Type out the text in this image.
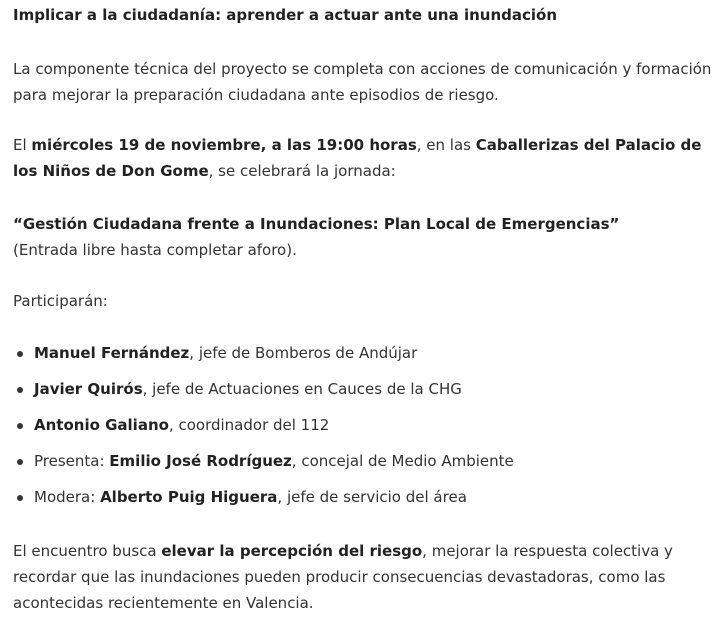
Implicar a la ciudadanía: aprender a actuar ante una inundación
La componente técnica del proyecto se completa con acciones de comunicación y formación
para mejorar la preparación ciudadana ante episodios de riesgo.
El miércoles 19 de noviembre, a las 19:00 horas, en las Caballerizas del Palacio de
los Niños de Don Gome, se celebrará la jornada:
“Gestión Ciudadana frente a Inundaciones: Plan Local de Emergencias”
(Entrada libre hasta completar aforo).
Participarán:
Manuel Fernández, jefe de Bomberos de Andújar
Javier Quirós, jefe de Actuaciones en Cauces de la CHG
Antonio Galiano, coordinador del 112
Presenta: Emilio José Rodríguez, concejal de Medio Ambiente
Modera: Alberto Puig Higuera, jefe de servicio del área
El encuentro busca elevar la percepción del riesgo, mejorar la respuesta colectiva y
recordar que las inundaciones pueden producir consecuencias devastadoras, como las
acontecidas recientemente en Valencia.
